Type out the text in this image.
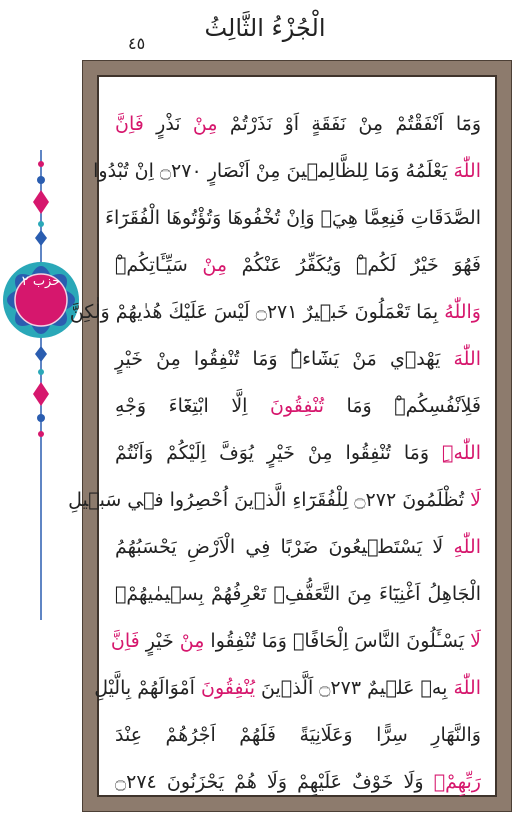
الْجُزْءُ الثَّالِثُ
٤٥
حزب ٢
وَمَٓا اَنْفَقْتُمْ مِنْ نَفَقَةٍ اَوْ نَذَرْتُمْ مِنْ نَذْرٍ فَاِنَّ
اللّٰهَ يَعْلَمُهُ وَمَا لِلظَّالِم۪ينَ مِنْ اَنْصَارٍ ۝٢٧٠ اِنْ تُبْدُوا
الصَّدَقَاتِ فَنِعِمَّا هِيَۚ وَاِنْ تُخْفُوهَا وَتُؤْتُوهَا الْفُقَرَٓاءَ
فَهُوَ خَيْرٌ لَكُمْۜ وَيُكَفِّرُ عَنْكُمْ مِنْ سَيِّـَٔاتِكُمْۜ
وَاللّٰهُ بِمَا تَعْمَلُونَ خَب۪يرٌ ۝٢٧١ لَيْسَ عَلَيْكَ هُدٰيهُمْ وَلٰكِنَّ
اللّٰهَ يَهْد۪ي مَنْ يَشَٓاءُۜ وَمَا تُنْفِقُوا مِنْ خَيْرٍ
فَلِاَنْفُسِكُمْۜ وَمَا تُنْفِقُونَ اِلَّا ابْتِغَٓاءَ وَجْهِ
اللّٰهِۜ وَمَا تُنْفِقُوا مِنْ خَيْرٍ يُوَفَّ اِلَيْكُمْ وَاَنْتُمْ
لَا تُظْلَمُونَ ۝٢٧٢ لِلْفُقَرَٓاءِ الَّذ۪ينَ اُحْصِرُوا ف۪ي سَب۪يلِ
اللّٰهِ لَا يَسْتَط۪يعُونَ ضَرْبًا فِي الْاَرْضِ يَحْسَبُهُمُ
الْجَاهِلُ اَغْنِيَٓاءَ مِنَ التَّعَفُّفِۚ تَعْرِفُهُمْ بِس۪يمٰيهُمْۚ
لَا يَسْـَٔلُونَ النَّاسَ اِلْحَافًاۜ وَمَا تُنْفِقُوا مِنْ خَيْرٍ فَاِنَّ
اللّٰهَ بِه۪ عَل۪يمٌ ۝٢٧٣ اَلَّذ۪ينَ يُنْفِقُونَ اَمْوَالَهُمْ بِالَّيْلِ
وَالنَّهَارِ سِرًّا وَعَلَانِيَةً فَلَهُمْ اَجْرُهُمْ عِنْدَ
رَبِّهِمْۚ وَلَا خَوْفٌ عَلَيْهِمْ وَلَا هُمْ يَحْزَنُونَ ۝٢٧٤
